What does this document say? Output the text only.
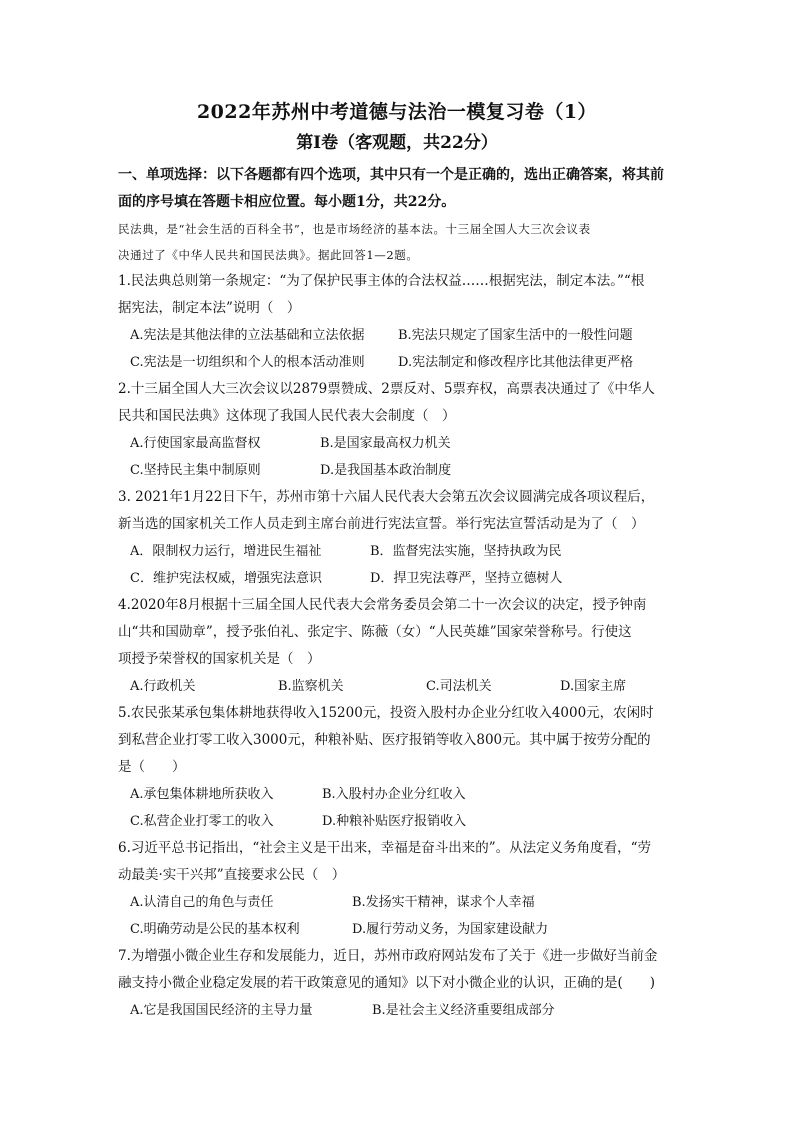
2022年苏州中考道德与法治一模复习卷（1）
第I卷（客观题，共22分）
一、单项选择：以下各题都有四个选项，其中只有一个是正确的，选出正确答案，将其前
面的序号填在答题卡相应位置。每小题1分，共22分。
民法典，是“社会生活的百科全书”，也是市场经济的基本法。十三届全国人大三次会议表
决通过了《中华人民共和国民法典》。据此回答1—2题。
1.民法典总则第一条规定：“为了保护民事主体的合法权益……根据宪法，制定本法。”“根
据宪法，制定本法”说明（　）
A.宪法是其他法律的立法基础和立法依据	B.宪法只规定了国家生活中的一般性问题
C.宪法是一切组织和个人的根本活动准则	D.宪法制定和修改程序比其他法律更严格
2.十三届全国人大三次会议以2879票赞成、2票反对、5票弃权，高票表决通过了《中华人
民共和国民法典》这体现了我国人民代表大会制度（　）
A.行使国家最高监督权	B.是国家最高权力机关
C.坚持民主集中制原则	D.是我国基本政治制度
3. 2021年1月22日下午，苏州市第十六届人民代表大会第五次会议圆满完成各项议程后，
新当选的国家机关工作人员走到主席台前进行宪法宣誓。举行宪法宣誓活动是为了（　）
A．限制权力运行，增进民生福祉	B．监督宪法实施，坚持执政为民
C．维护宪法权威，增强宪法意识	D．捍卫宪法尊严，坚持立德树人
4.2020年8月根据十三届全国人民代表大会常务委员会第二十一次会议的决定，授予钟南
山“共和国勋章”，授予张伯礼、张定宇、陈薇（女）“人民英雄”国家荣誉称号。行使这
项授予荣誉权的国家机关是（　）
A.行政机关	B.监察机关	C.司法机关	D.国家主席
5.农民张某承包集体耕地获得收入15200元，投资入股村办企业分红收入4000元，农闲时
到私营企业打零工收入3000元，种粮补贴、医疗报销等收入800元。其中属于按劳分配的
是（　　）
A.承包集体耕地所获收入	B.入股村办企业分红收入
C.私营企业打零工的收入	D.种粮补贴医疗报销收入
6.习近平总书记指出，“社会主义是干出来，幸福是奋斗出来的”。从法定义务角度看，“劳
动最美·实干兴邦”直接要求公民（　）
A.认清自己的角色与责任	B.发扬实干精神，谋求个人幸福
C.明确劳动是公民的基本权利	D.履行劳动义务，为国家建设献力
7.为增强小微企业生存和发展能力，近日，苏州市政府网站发布了关于《进一步做好当前金
融支持小微企业稳定发展的若干政策意见的通知》以下对小微企业的认识，正确的是(　　)
A.它是我国国民经济的主导力量	B.是社会主义经济重要组成部分
